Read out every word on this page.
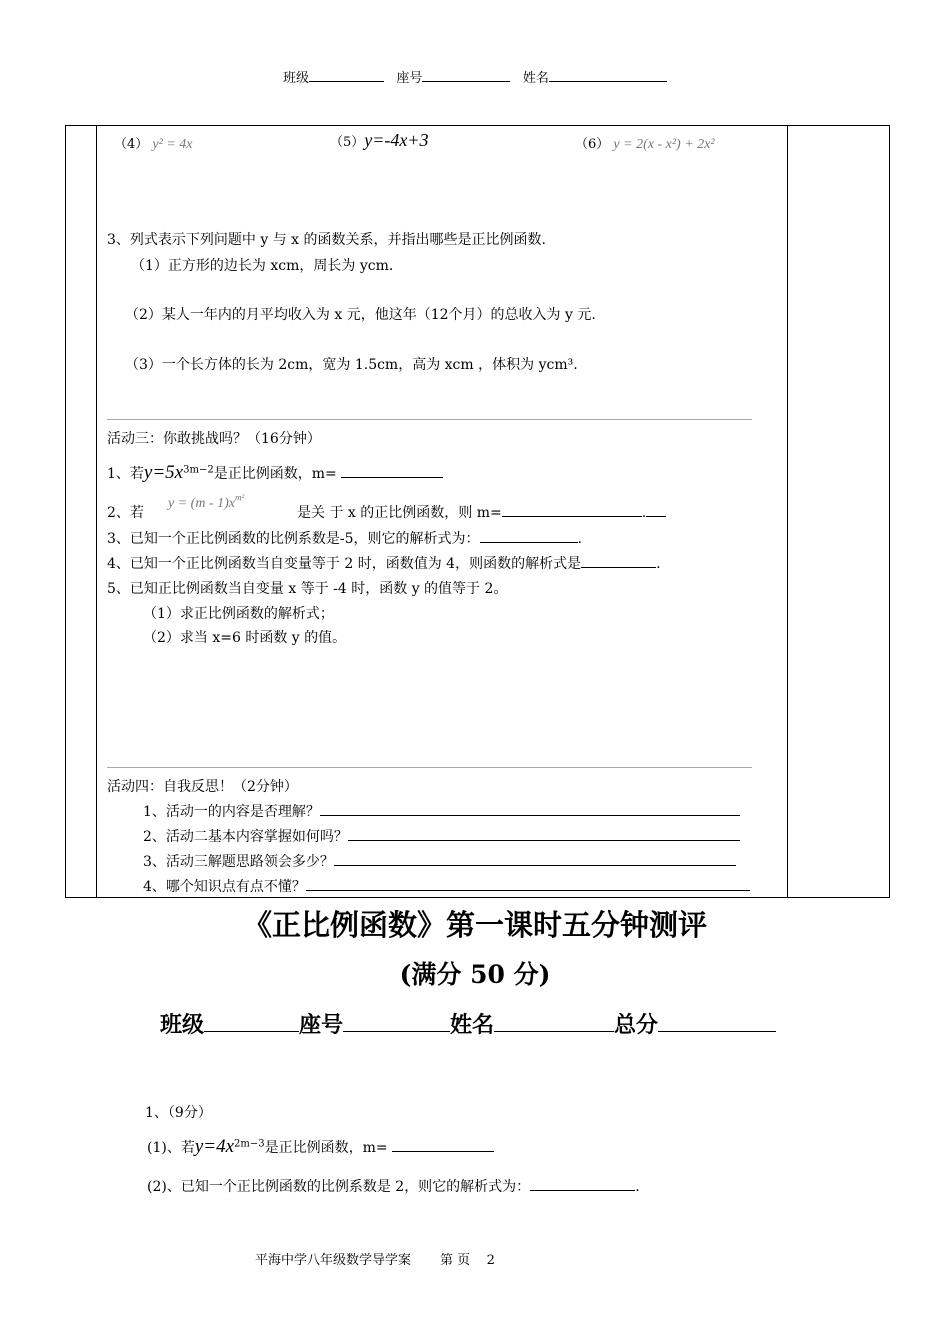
班级	座号	姓名
（4） y² = 4x	（5）y=-4x+3	（6） y = 2(x - x²) + 2x²
3、列式表示下列问题中 y 与 x 的函数关系，并指出哪些是正比例函数.
（1）正方形的边长为 xcm，周长为 ycm.
（2）某人一年内的月平均收入为 x 元，他这年（12个月）的总收入为 y 元.
（3）一个长方体的长为 2cm，宽为 1.5cm，高为 xcm ，体积为 ycm³.
活动三：你敢挑战吗？（16分钟）
1、若$y=5x^{3m-2}$是正比例函数，m=
2、若
$y = (m - 1)x^{m^2}$
是关 于 x 的正比例函数，则 m=	.
3、已知一个正比例函数的比例系数是-5，则它的解析式为：	.
4、已知一个正比例函数当自变量等于 2 时，函数值为 4，则函数的解析式是	.
5、已知正比例函数当自变量 x 等于 -4 时，函数 y 的值等于 2。
（1）求正比例函数的解析式；
（2）求当 x=6 时函数 y 的值。
活动四：自我反思！（2分钟）
1、活动一的内容是否理解？
2、活动二基本内容掌握如何吗？
3、活动三解题思路领会多少？
4、哪个知识点有点不懂？
《正比例函数》第一课时五分钟测评
(满分 50 分)
班级	座号	姓名	总分
1、（9分）
(1)、若$y=4x^{2m-3}$是正比例函数，m=
(2)、已知一个正比例函数的比例系数是 2，则它的解析式为：	.
平海中学八年级数学导学案 第 页 2
